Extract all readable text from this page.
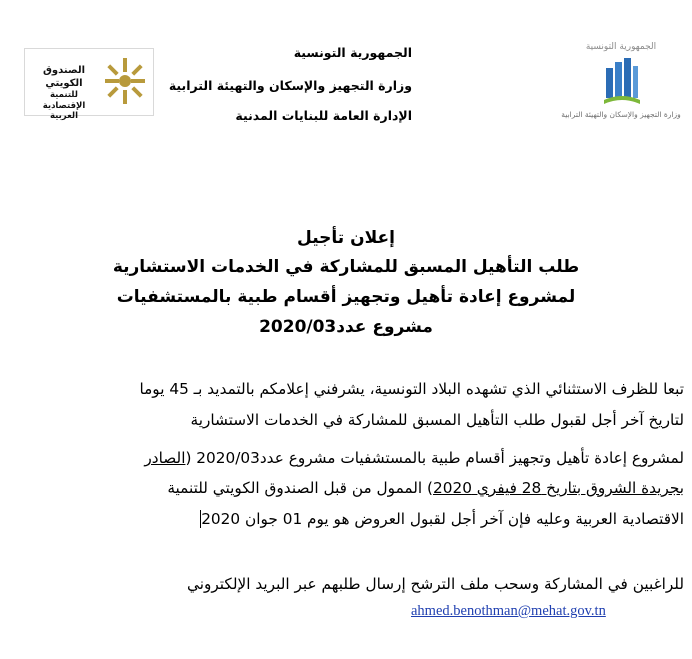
الجمهورية التونسية
وزارة التجهيز والإسكان والتهيئة الترابية
الصندوق الكويتي
للتنمية الإقتصادية العربية
الجمهورية التونسية
وزارة التجهيز والإسكان والتهيئة الترابية
الإدارة العامة للبنايات المدنية
إعلان تأجيل
طلب التأهيل المسبق للمشاركة في الخدمات الاستشارية
لمشروع إعادة تأهيل وتجهيز أقسام طبية بالمستشفيات
مشروع عدد2020/03
تبعا للظرف الاستثنائي الذي تشهده البلاد التونسية، يشرفني إعلامكم بالتمديد بـ 45 يوما
لتاريخ آخر أجل لقبول طلب التأهيل المسبق للمشاركة في الخدمات الاستشارية
لمشروع إعادة تأهيل وتجهيز أقسام طبية بالمستشفيات مشروع عدد2020/03 (الصادر
بجريدة الشروق بتاريخ 28 فيفري 2020) الممول من قبل الصندوق الكويتي للتنمية
الاقتصادية العربية وعليه فإن آخر أجل لقبول العروض هو يوم 01 جوان 2020
للراغبين في المشاركة وسحب ملف الترشح إرسال طلبهم عبر البريد الإلكتروني
ahmed.benothman@mehat.gov.tn
